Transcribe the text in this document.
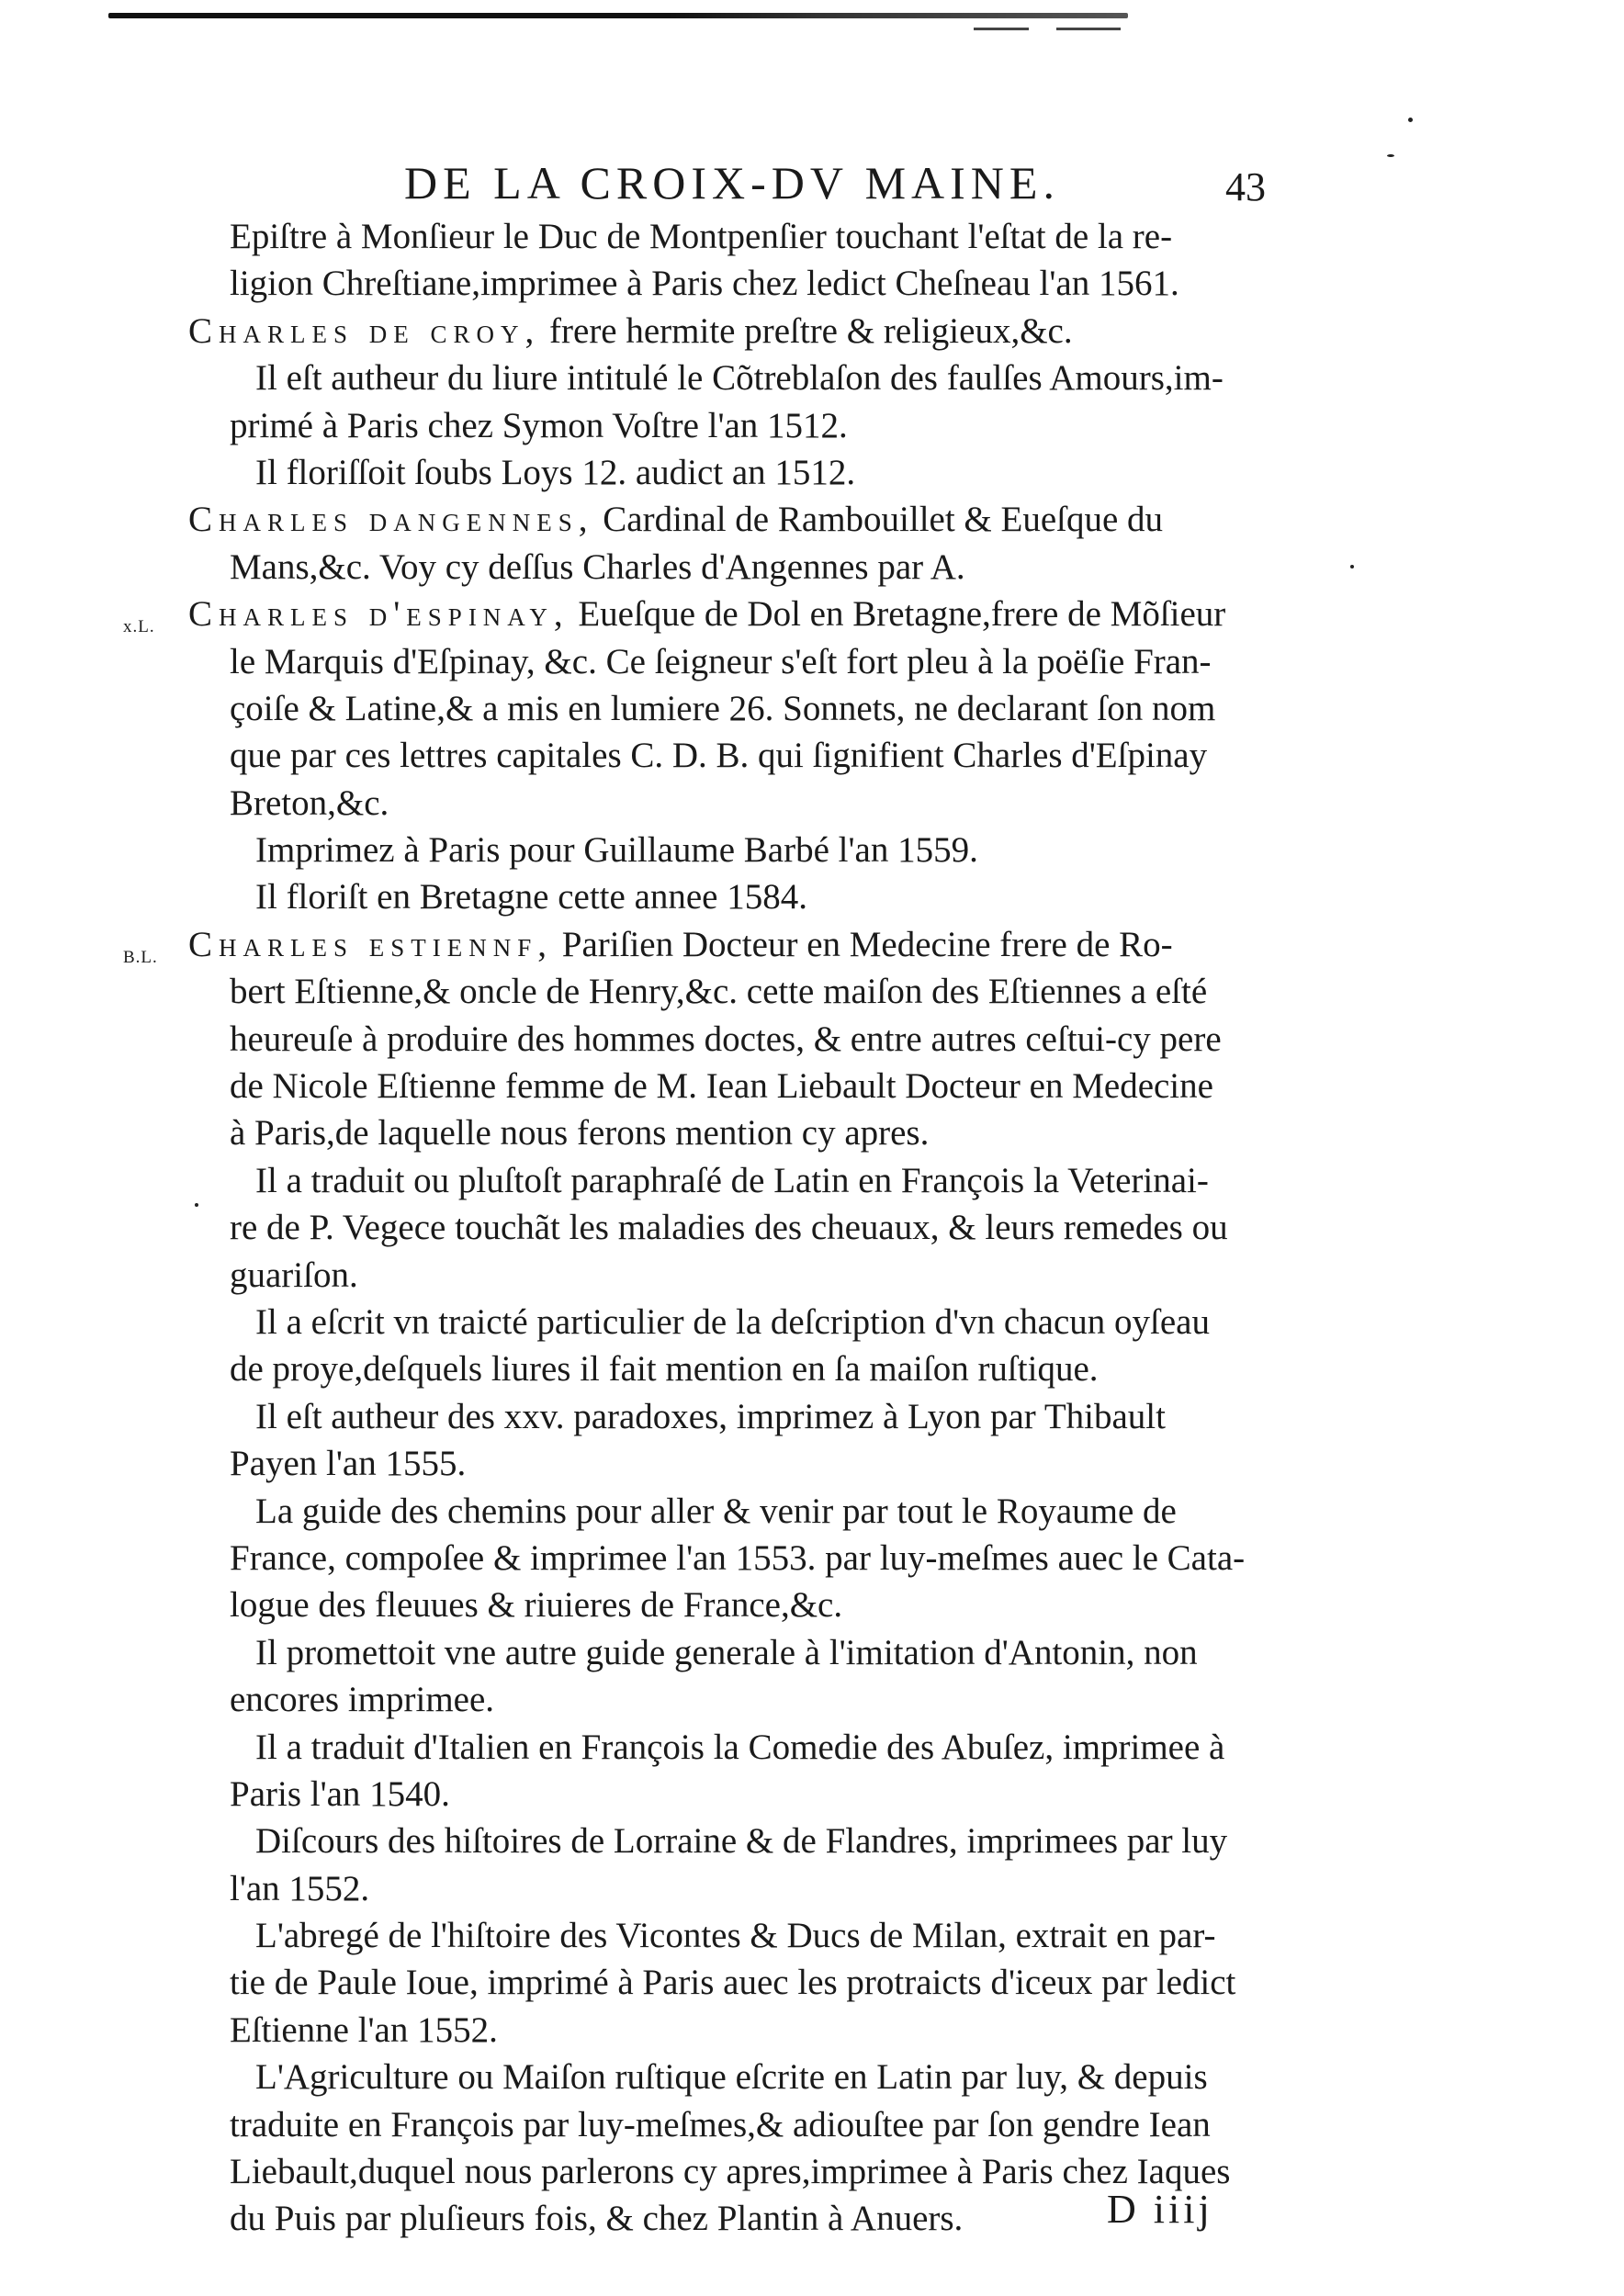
DE LA CROIX-DV MAINE.	43
Epiſtre à Monſieur le Duc de Montpenſier touchant l'eſtat de la re-
ligion Chreſtiane,imprimee à Paris chez ledict Cheſneau l'an 1561.
Charles de croy, frere hermite preſtre & religieux,&c.
Il eſt autheur du liure intitulé le Cõtreblaſon des faulſes Amours,im-
primé à Paris chez Symon Voſtre l'an 1512.
Il floriſſoit ſoubs Loys 12. audict an 1512.
Charles dangennes, Cardinal de Rambouillet & Eueſque du
Mans,&c. Voy cy deſſus Charles d'Angennes par A.
x.L. Charles d'espinay, Eueſque de Dol en Bretagne,frere de Mõſieur
le Marquis d'Eſpinay, &c. Ce ſeigneur s'eſt fort pleu à la poëſie Fran-
çoiſe & Latine,& a mis en lumiere 26. Sonnets, ne declarant ſon nom
que par ces lettres capitales C. D. B. qui ſignifient Charles d'Eſpinay
Breton,&c.
Imprimez à Paris pour Guillaume Barbé l'an 1559.
Il floriſt en Bretagne cette annee 1584.
B.L. Charles estiennf, Pariſien Docteur en Medecine frere de Ro-
bert Eſtienne,& oncle de Henry,&c. cette maiſon des Eſtiennes a eſté
heureuſe à produire des hommes doctes, & entre autres ceſtui-cy pere
de Nicole Eſtienne femme de M. Iean Liebault Docteur en Medecine
à Paris,de laquelle nous ferons mention cy apres.
Il a traduit ou pluſtoſt paraphraſé de Latin en François la Veterinai-
re de P. Vegece touchãt les maladies des cheuaux, & leurs remedes ou
guariſon.
Il a eſcrit vn traicté particulier de la deſcription d'vn chacun oyſeau
de proye,deſquels liures il fait mention en ſa maiſon ruſtique.
Il eſt autheur des xxv. paradoxes, imprimez à Lyon par Thibault
Payen l'an 1555.
La guide des chemins pour aller & venir par tout le Royaume de
France, compoſee & imprimee l'an 1553. par luy-meſmes auec le Cata-
logue des fleuues & riuieres de France,&c.
Il promettoit vne autre guide generale à l'imitation d'Antonin, non
encores imprimee.
Il a traduit d'Italien en François la Comedie des Abuſez, imprimee à
Paris l'an 1540.
Diſcours des hiſtoires de Lorraine & de Flandres, imprimees par luy
l'an 1552.
L'abregé de l'hiſtoire des Vicontes & Ducs de Milan, extrait en par-
tie de Paule Ioue, imprimé à Paris auec les protraicts d'iceux par ledict
Eſtienne l'an 1552.
L'Agriculture ou Maiſon ruſtique eſcrite en Latin par luy, & depuis
traduite en François par luy-meſmes,& adiouſtee par ſon gendre Iean
Liebault,duquel nous parlerons cy apres,imprimee à Paris chez Iaques
du Puis par pluſieurs fois, & chez Plantin à Anuers.	D iiij
